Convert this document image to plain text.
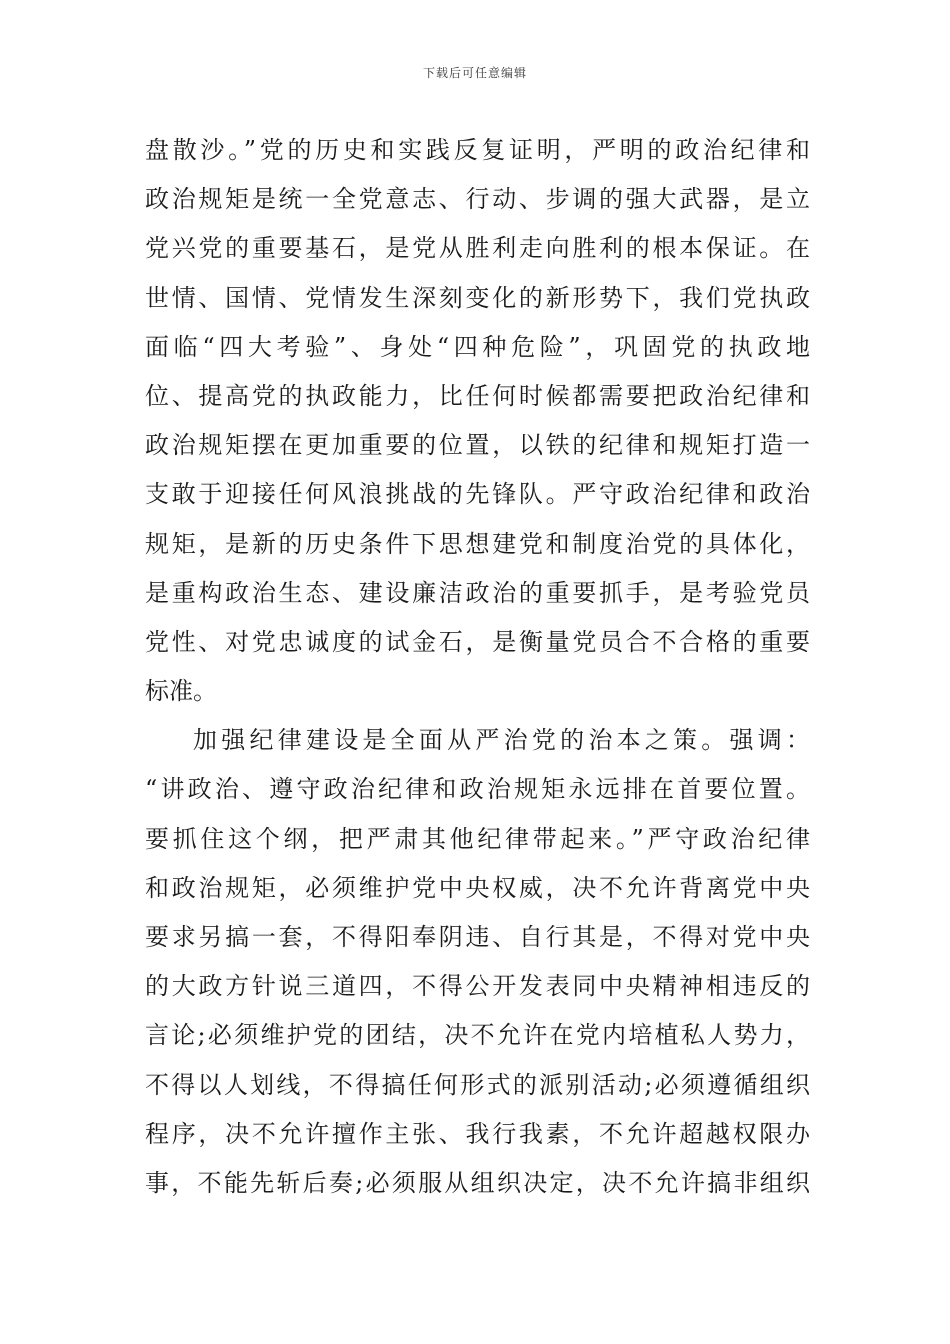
下载后可任意编辑
盘散沙。”党的历史和实践反复证明，严明的政治纪律和
政治规矩是统一全党意志、行动、步调的强大武器，是立
党兴党的重要基石，是党从胜利走向胜利的根本保证。在
世情、国情、党情发生深刻变化的新形势下，我们党执政
面临“四大考验”、身处“四种危险”，巩固党的执政地
位、提高党的执政能力，比任何时候都需要把政治纪律和
政治规矩摆在更加重要的位置，以铁的纪律和规矩打造一
支敢于迎接任何风浪挑战的先锋队。严守政治纪律和政治
规矩，是新的历史条件下思想建党和制度治党的具体化，
是重构政治生态、建设廉洁政治的重要抓手，是考验党员
党性、对党忠诚度的试金石，是衡量党员合不合格的重要
标准。
加强纪律建设是全面从严治党的治本之策。强调：
“讲政治、遵守政治纪律和政治规矩永远排在首要位置。
要抓住这个纲，把严肃其他纪律带起来。”严守政治纪律
和政治规矩，必须维护党中央权威，决不允许背离党中央
要求另搞一套，不得阳奉阴违、自行其是，不得对党中央
的大政方针说三道四，不得公开发表同中央精神相违反的
言论;必须维护党的团结，决不允许在党内培植私人势力，
不得以人划线，不得搞任何形式的派别活动;必须遵循组织
程序，决不允许擅作主张、我行我素，不允许超越权限办
事，不能先斩后奏;必须服从组织决定，决不允许搞非组织
